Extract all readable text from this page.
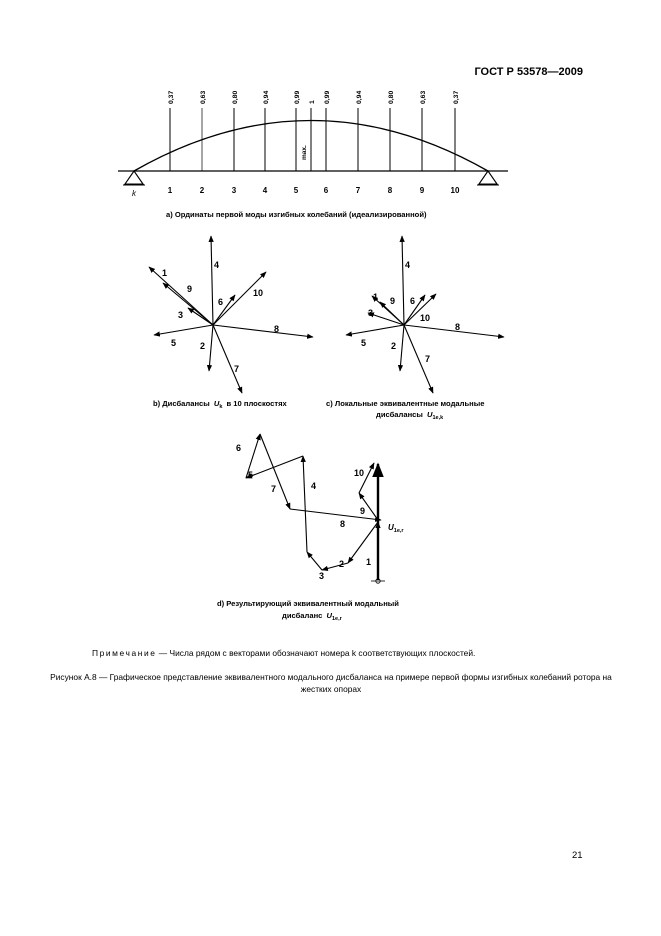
ГОСТ Р 53578—2009
k
0,37	0,63	0,80	0,94	0,99 1 0,99	0,94	0,80	0,63	0,37
max.
1	2	3	4	5	6	7	8	9	10
a) Ординаты первой моды изгибных колебаний (идеализированной)
1
9
3
5	2
4
6
10
8
7
b) Дисбалансы $U_k$ в 10 плоскостях
1 9
3
5	2
4
6
10
8
7
c) Локальные эквивалентные модальные
дисбалансы $U_{1e,k}$
6
5
7	4
8
10
9
2
3
1
$U_{1e,r}$
d) Результирующий эквивалентный модальный
дисбаланс $U_{1e,r}$
Примечание — Числа рядом с векторами обозначают номера k соответствующих плоскостей.
Рисунок А.8 — Графическое представление эквивалентного модального дисбаланса на примере первой формы изгибных колебаний ротора на жестких опорах
21
